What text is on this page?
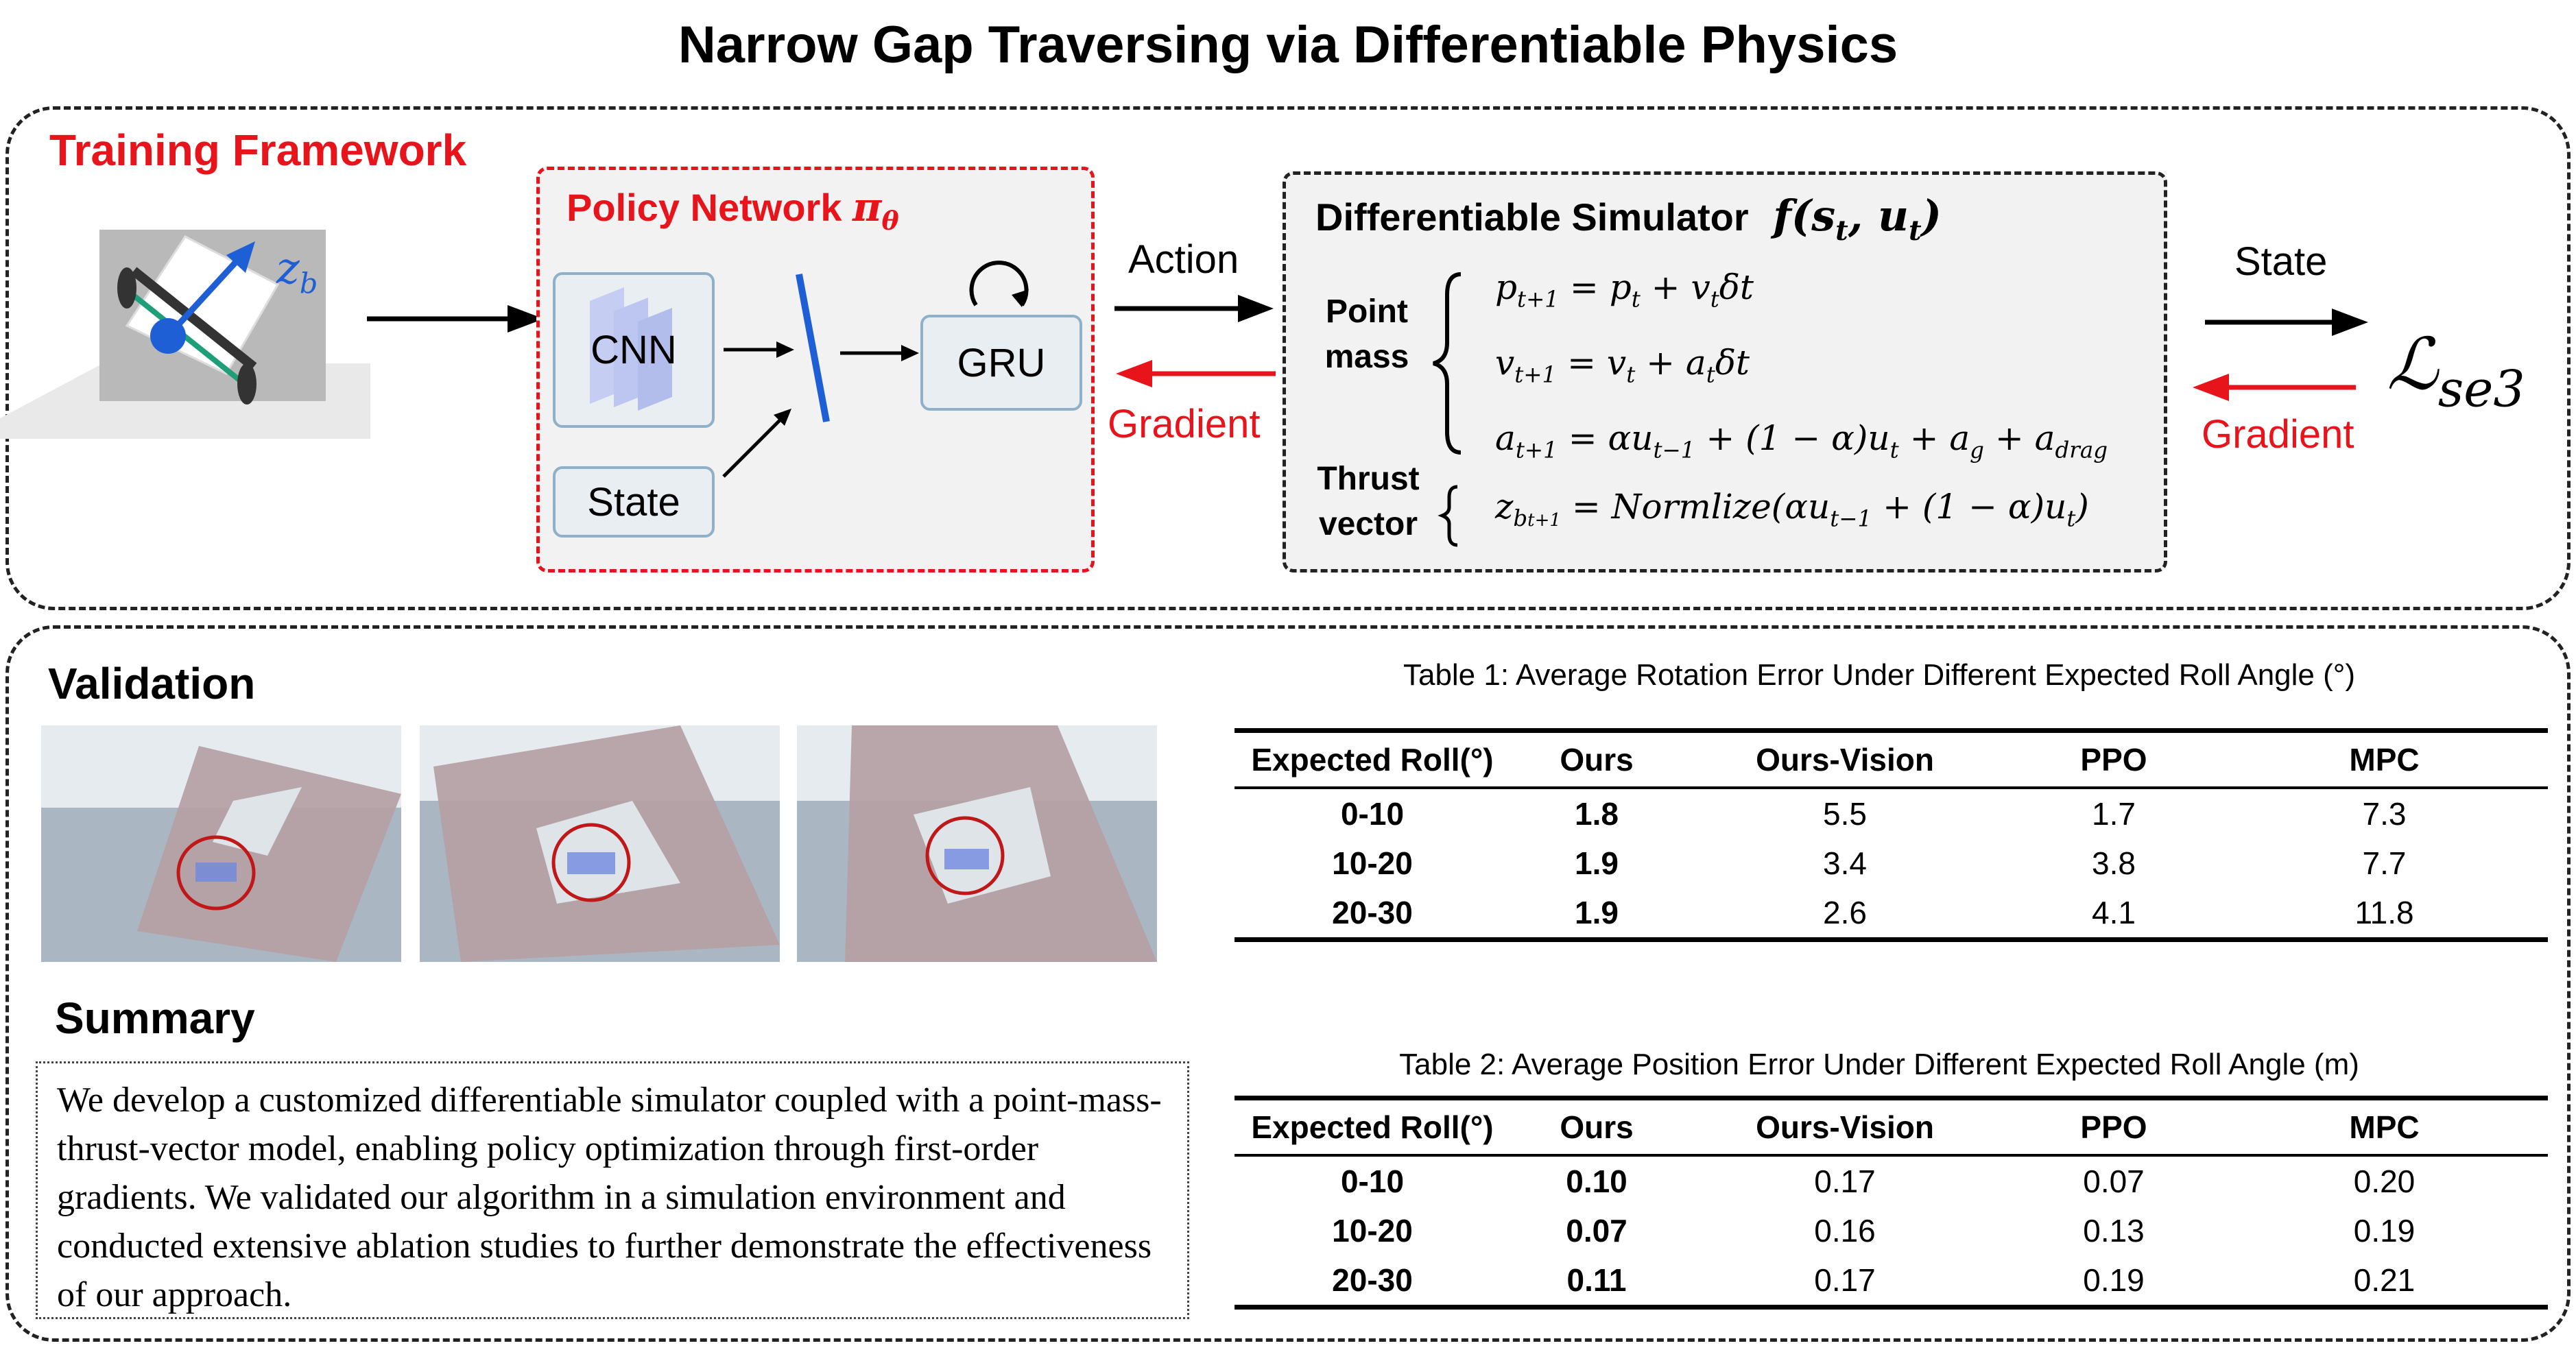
Narrow Gap Traversing via Differentiable Physics
Training Framework
$z_b$
Policy Network $\pi_\theta$
CNN	GRU
State
Action
Gradient
Differentiable Simulator $f(s_t$, $u_t$)
Point
mass
Thrust
vector
$p_{t+1} = p_t + v_t\delta t$
$v_{t+1} = v_t + a_t\delta t$
$a_{t+1} = \alpha u_{t-1} + (1 - \alpha)u_t + a_g + a_{drag}$
$z_{bt+1}$ = $Normlize(\alpha u_{t-1} + (1 - \alpha)u_t)$
State
Gradient
ℒ$_{se3}$
Validation
Summary
We develop a customized differentiable simulator coupled with a point-mass-thrust-vector model, enabling policy optimization through first-order gradients. We validated our algorithm in a simulation environment and conducted extensive ablation studies to further demonstrate the effectiveness of our approach.
Table 1: Average Rotation Error Under Different Expected Roll Angle (°)
Expected Roll(°)	Ours	Ours-Vision	PPO	MPC
0-10	1.8	5.5	1.7	7.3
10-20	1.9	3.4	3.8	7.7
20-30	1.9	2.6	4.1	11.8
Table 2: Average Position Error Under Different Expected Roll Angle (m)
Expected Roll(°)	Ours	Ours-Vision	PPO	MPC
0-10	0.10	0.17	0.07	0.20
10-20	0.07	0.16	0.13	0.19
20-30	0.11	0.17	0.19	0.21
